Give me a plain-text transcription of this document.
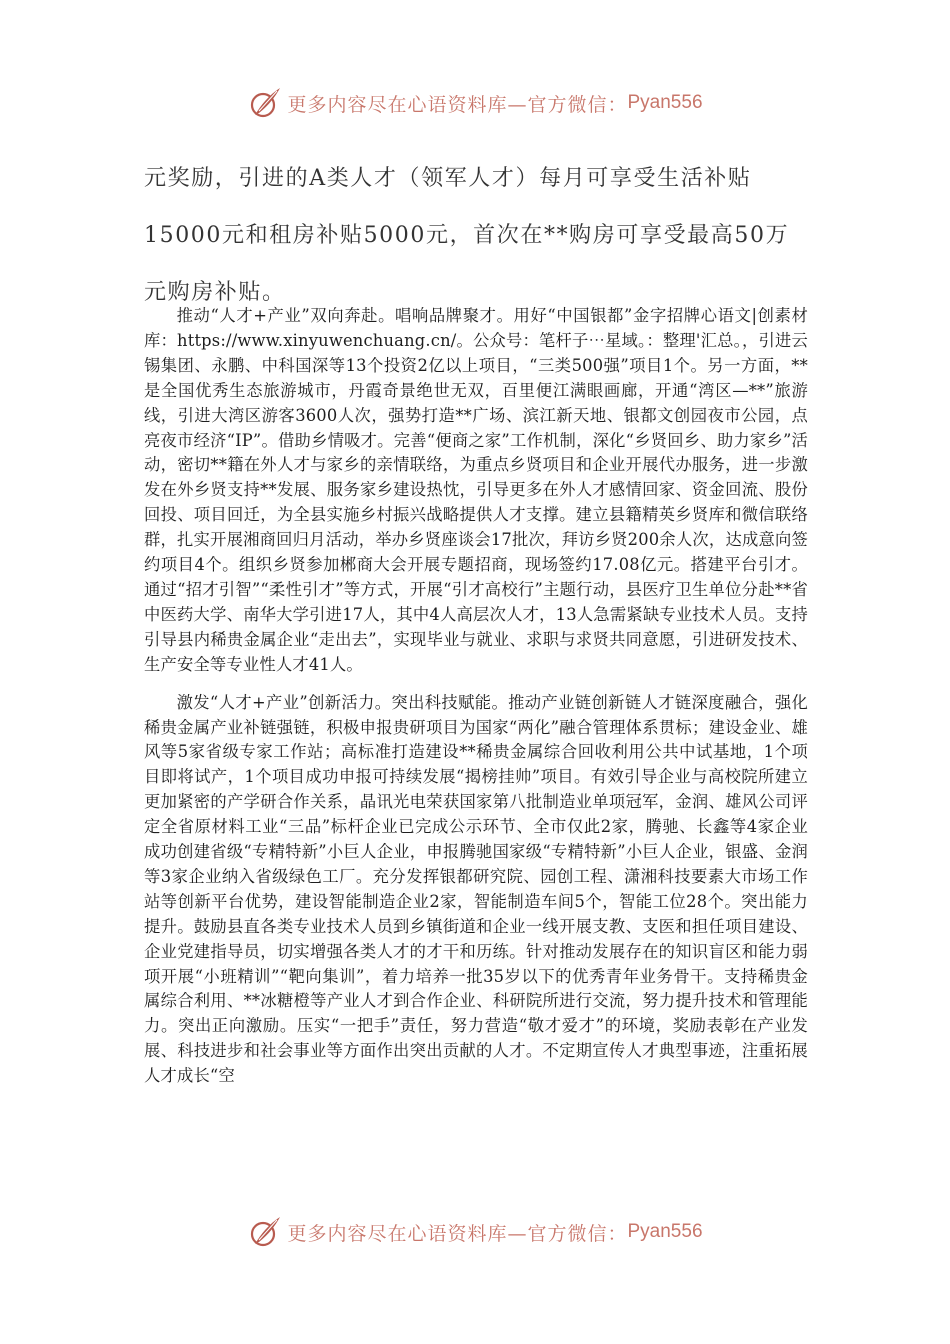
更多内容尽在心语资料库—官方微信： Pyan556

元奖励，引进的A类人才（领军人才）每月可享受生活补贴15000元和租房补贴5000元，首次在**购房可享受最高50万元购房补贴。

推动“人才+产业”双向奔赴。唱响品牌聚才。用好“中国银都”金字招牌心语文|创素材库：https://www.xinyuwenchuang.cn/。公众号：笔杆子⋯星域。：整理'汇总。，引进云锡集团、永鹏、中科国深等13个投资2亿以上项目，“三类500强”项目1个。另一方面，**是全国优秀生态旅游城市，丹霞奇景绝世无双，百里便江满眼画廊，开通“湾区—**”旅游线，引进大湾区游客3600人次，强势打造**广场、滨江新天地、银都文创园夜市公园，点亮夜市经济“IP”。借助乡情吸才。完善“便商之家”工作机制，深化“乡贤回乡、助力家乡”活动，密切**籍在外人才与家乡的亲情联络，为重点乡贤项目和企业开展代办服务，进一步激发在外乡贤支持**发展、服务家乡建设热忱，引导更多在外人才感情回家、资金回流、股份回投、项目回迁，为全县实施乡村振兴战略提供人才支撑。建立县籍精英乡贤库和微信联络群，扎实开展湘商回归月活动，举办乡贤座谈会17批次，拜访乡贤200余人次，达成意向签约项目4个。组织乡贤参加郴商大会开展专题招商，现场签约17.08亿元。搭建平台引才。通过“招才引智”“柔性引才”等方式，开展“引才高校行”主题行动，县医疗卫生单位分赴**省中医药大学、南华大学引进17人，其中4人高层次人才，13人急需紧缺专业技术人员。支持引导县内稀贵金属企业“走出去”，实现毕业与就业、求职与求贤共同意愿，引进研发技术、生产安全等专业性人才41人。

激发“人才+产业”创新活力。突出科技赋能。推动产业链创新链人才链深度融合，强化稀贵金属产业补链强链，积极申报贵研项目为国家“两化”融合管理体系贯标；建设金业、雄风等5家省级专家工作站；高标准打造建设**稀贵金属综合回收利用公共中试基地，1个项目即将试产，1个项目成功申报可持续发展“揭榜挂帅”项目。有效引导企业与高校院所建立更加紧密的产学研合作关系，晶讯光电荣获国家第八批制造业单项冠军，金润、雄风公司评定全省原材料工业“三品”标杆企业已完成公示环节、全市仅此2家，腾驰、长鑫等4家企业成功创建省级“专精特新”小巨人企业，申报腾驰国家级“专精特新”小巨人企业，银盛、金润等3家企业纳入省级绿色工厂。充分发挥银都研究院、园创工程、潇湘科技要素大市场工作站等创新平台优势，建设智能制造企业2家，智能制造车间5个，智能工位28个。突出能力提升。鼓励县直各类专业技术人员到乡镇街道和企业一线开展支教、支医和担任项目建设、企业党建指导员，切实增强各类人才的才干和历练。针对推动发展存在的知识盲区和能力弱项开展“小班精训”“靶向集训”，着力培养一批35岁以下的优秀青年业务骨干。支持稀贵金属综合利用、**冰糖橙等产业人才到合作企业、科研院所进行交流，努力提升技术和管理能力。突出正向激励。压实“一把手”责任，努力营造“敬才爱才”的环境，奖励表彰在产业发展、科技进步和社会事业等方面作出突出贡献的人才。不定期宣传人才典型事迹，注重拓展人才成长“空

更多内容尽在心语资料库—官方微信： Pyan556
